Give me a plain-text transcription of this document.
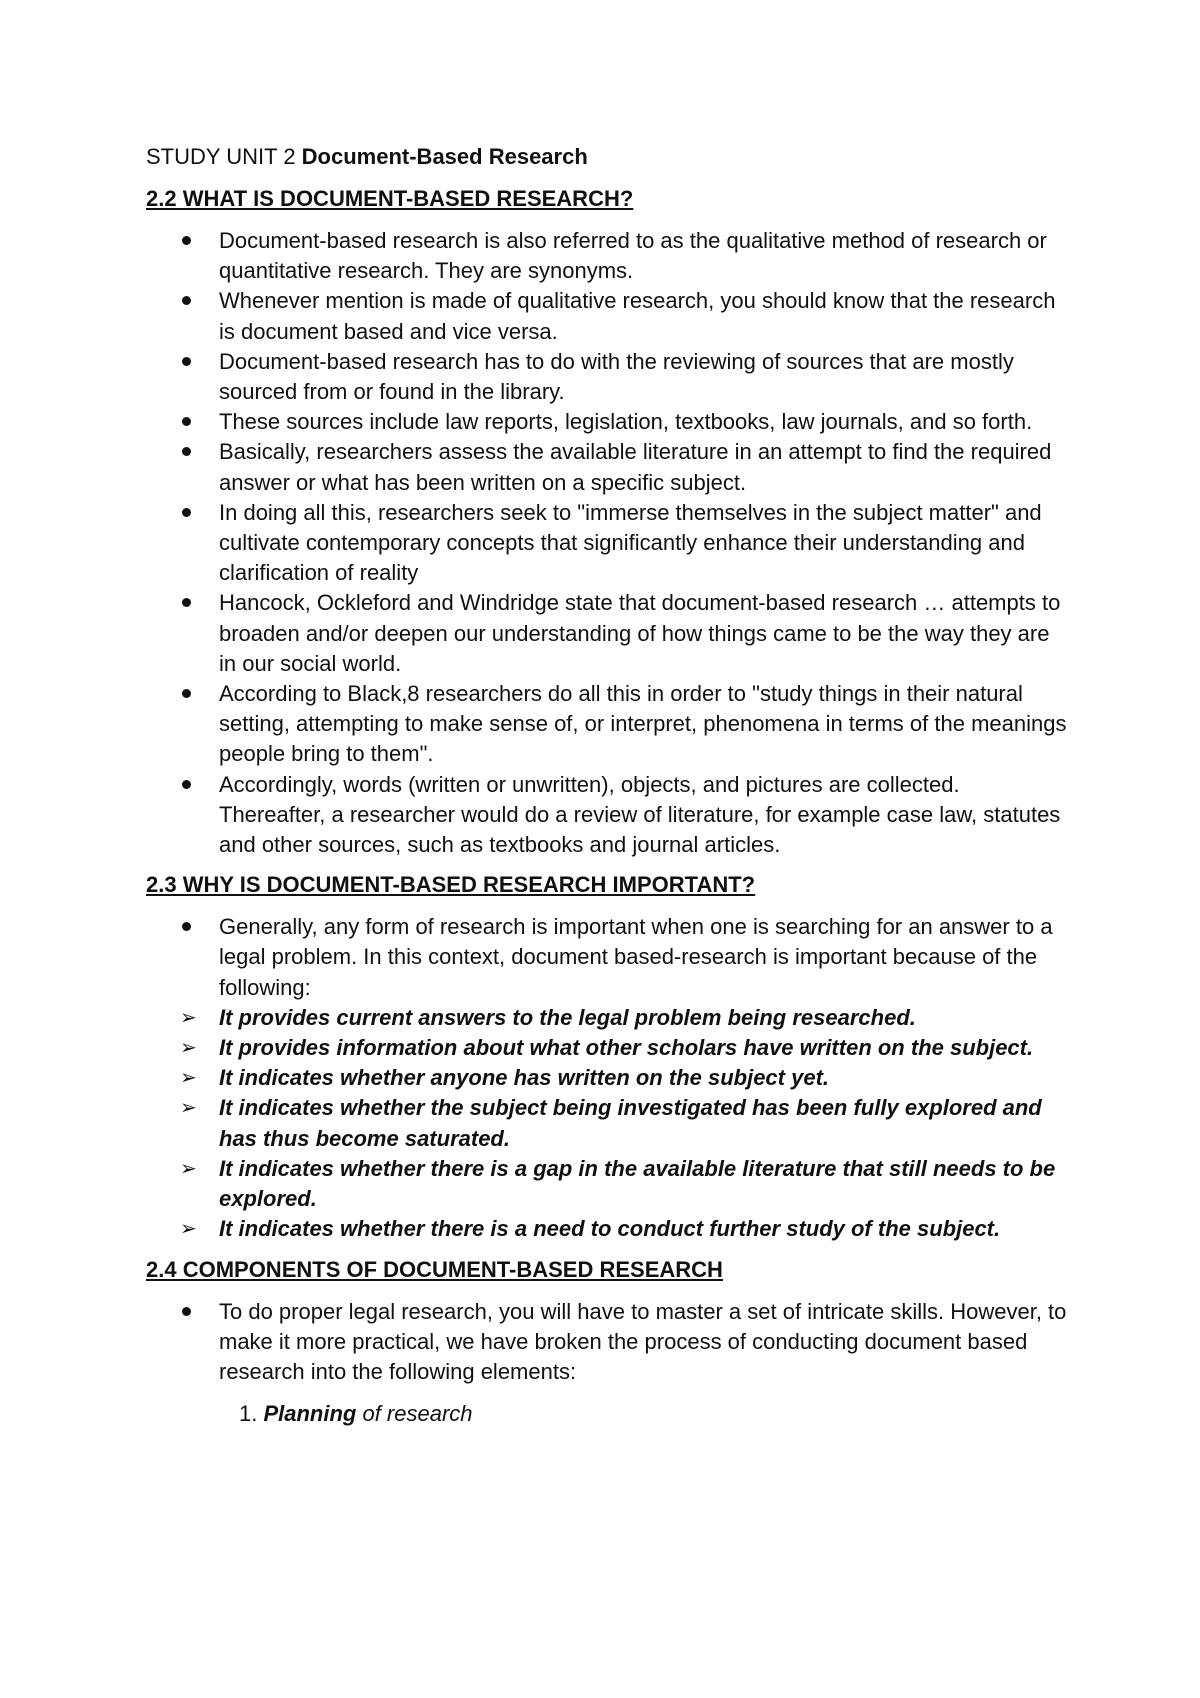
STUDY UNIT 2 Document-Based Research

2.2 WHAT IS DOCUMENT-BASED RESEARCH?

Document-based research is also referred to as the qualitative method of research or quantitative research. They are synonyms.
Whenever mention is made of qualitative research, you should know that the research is document based and vice versa.
Document-based research has to do with the reviewing of sources that are mostly sourced from or found in the library.
These sources include law reports, legislation, textbooks, law journals, and so forth.
Basically, researchers assess the available literature in an attempt to find the required answer or what has been written on a specific subject.
In doing all this, researchers seek to "immerse themselves in the subject matter" and cultivate contemporary concepts that significantly enhance their understanding and clarification of reality
Hancock, Ockleford and Windridge state that document-based research … attempts to broaden and/or deepen our understanding of how things came to be the way they are in our social world.
According to Black,8 researchers do all this in order to "study things in their natural setting, attempting to make sense of, or interpret, phenomena in terms of the meanings people bring to them".
Accordingly, words (written or unwritten), objects, and pictures are collected. Thereafter, a researcher would do a review of literature, for example case law, statutes and other sources, such as textbooks and journal articles.

2.3 WHY IS DOCUMENT-BASED RESEARCH IMPORTANT?

Generally, any form of research is important when one is searching for an answer to a legal problem. In this context, document based-research is important because of the following:
➢ It provides current answers to the legal problem being researched.
➢ It provides information about what other scholars have written on the subject.
➢ It indicates whether anyone has written on the subject yet.
➢ It indicates whether the subject being investigated has been fully explored and has thus become saturated.
➢ It indicates whether there is a gap in the available literature that still needs to be explored.
➢ It indicates whether there is a need to conduct further study of the subject.

2.4 COMPONENTS OF DOCUMENT-BASED RESEARCH

To do proper legal research, you will have to master a set of intricate skills. However, to make it more practical, we have broken the process of conducting document based research into the following elements:
1. Planning of research
